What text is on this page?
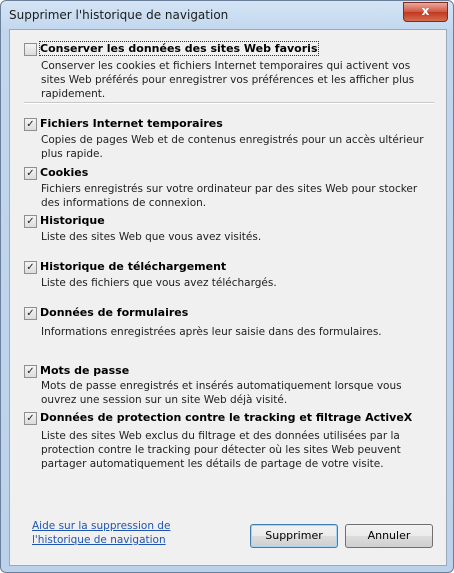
Supprimer l'historique de navigation	x
Conserver les données des sites Web favoris
Conserver les cookies et fichiers Internet temporaires qui activent vos sites Web préférés pour enregistrer vos préférences et les afficher plus rapidement.
✓ Fichiers Internet temporaires
Copies de pages Web et de contenus enregistrés pour un accès ultérieur plus rapide.
✓ Cookies
Fichiers enregistrés sur votre ordinateur par des sites Web pour stocker des informations de connexion.
✓ Historique
Liste des sites Web que vous avez visités.
✓ Historique de téléchargement
Liste des fichiers que vous avez téléchargés.
✓ Données de formulaires
Informations enregistrées après leur saisie dans des formulaires.
✓ Mots de passe
Mots de passe enregistrés et insérés automatiquement lorsque vous ouvrez une session sur un site Web déjà visité.
✓ Données de protection contre le tracking et filtrage ActiveX
Liste des sites Web exclus du filtrage et des données utilisées par la protection contre le tracking pour détecter où les sites Web peuvent partager automatiquement les détails de partage de votre visite.
Aide sur la suppression de l'historique de navigation	Supprimer	Annuler
